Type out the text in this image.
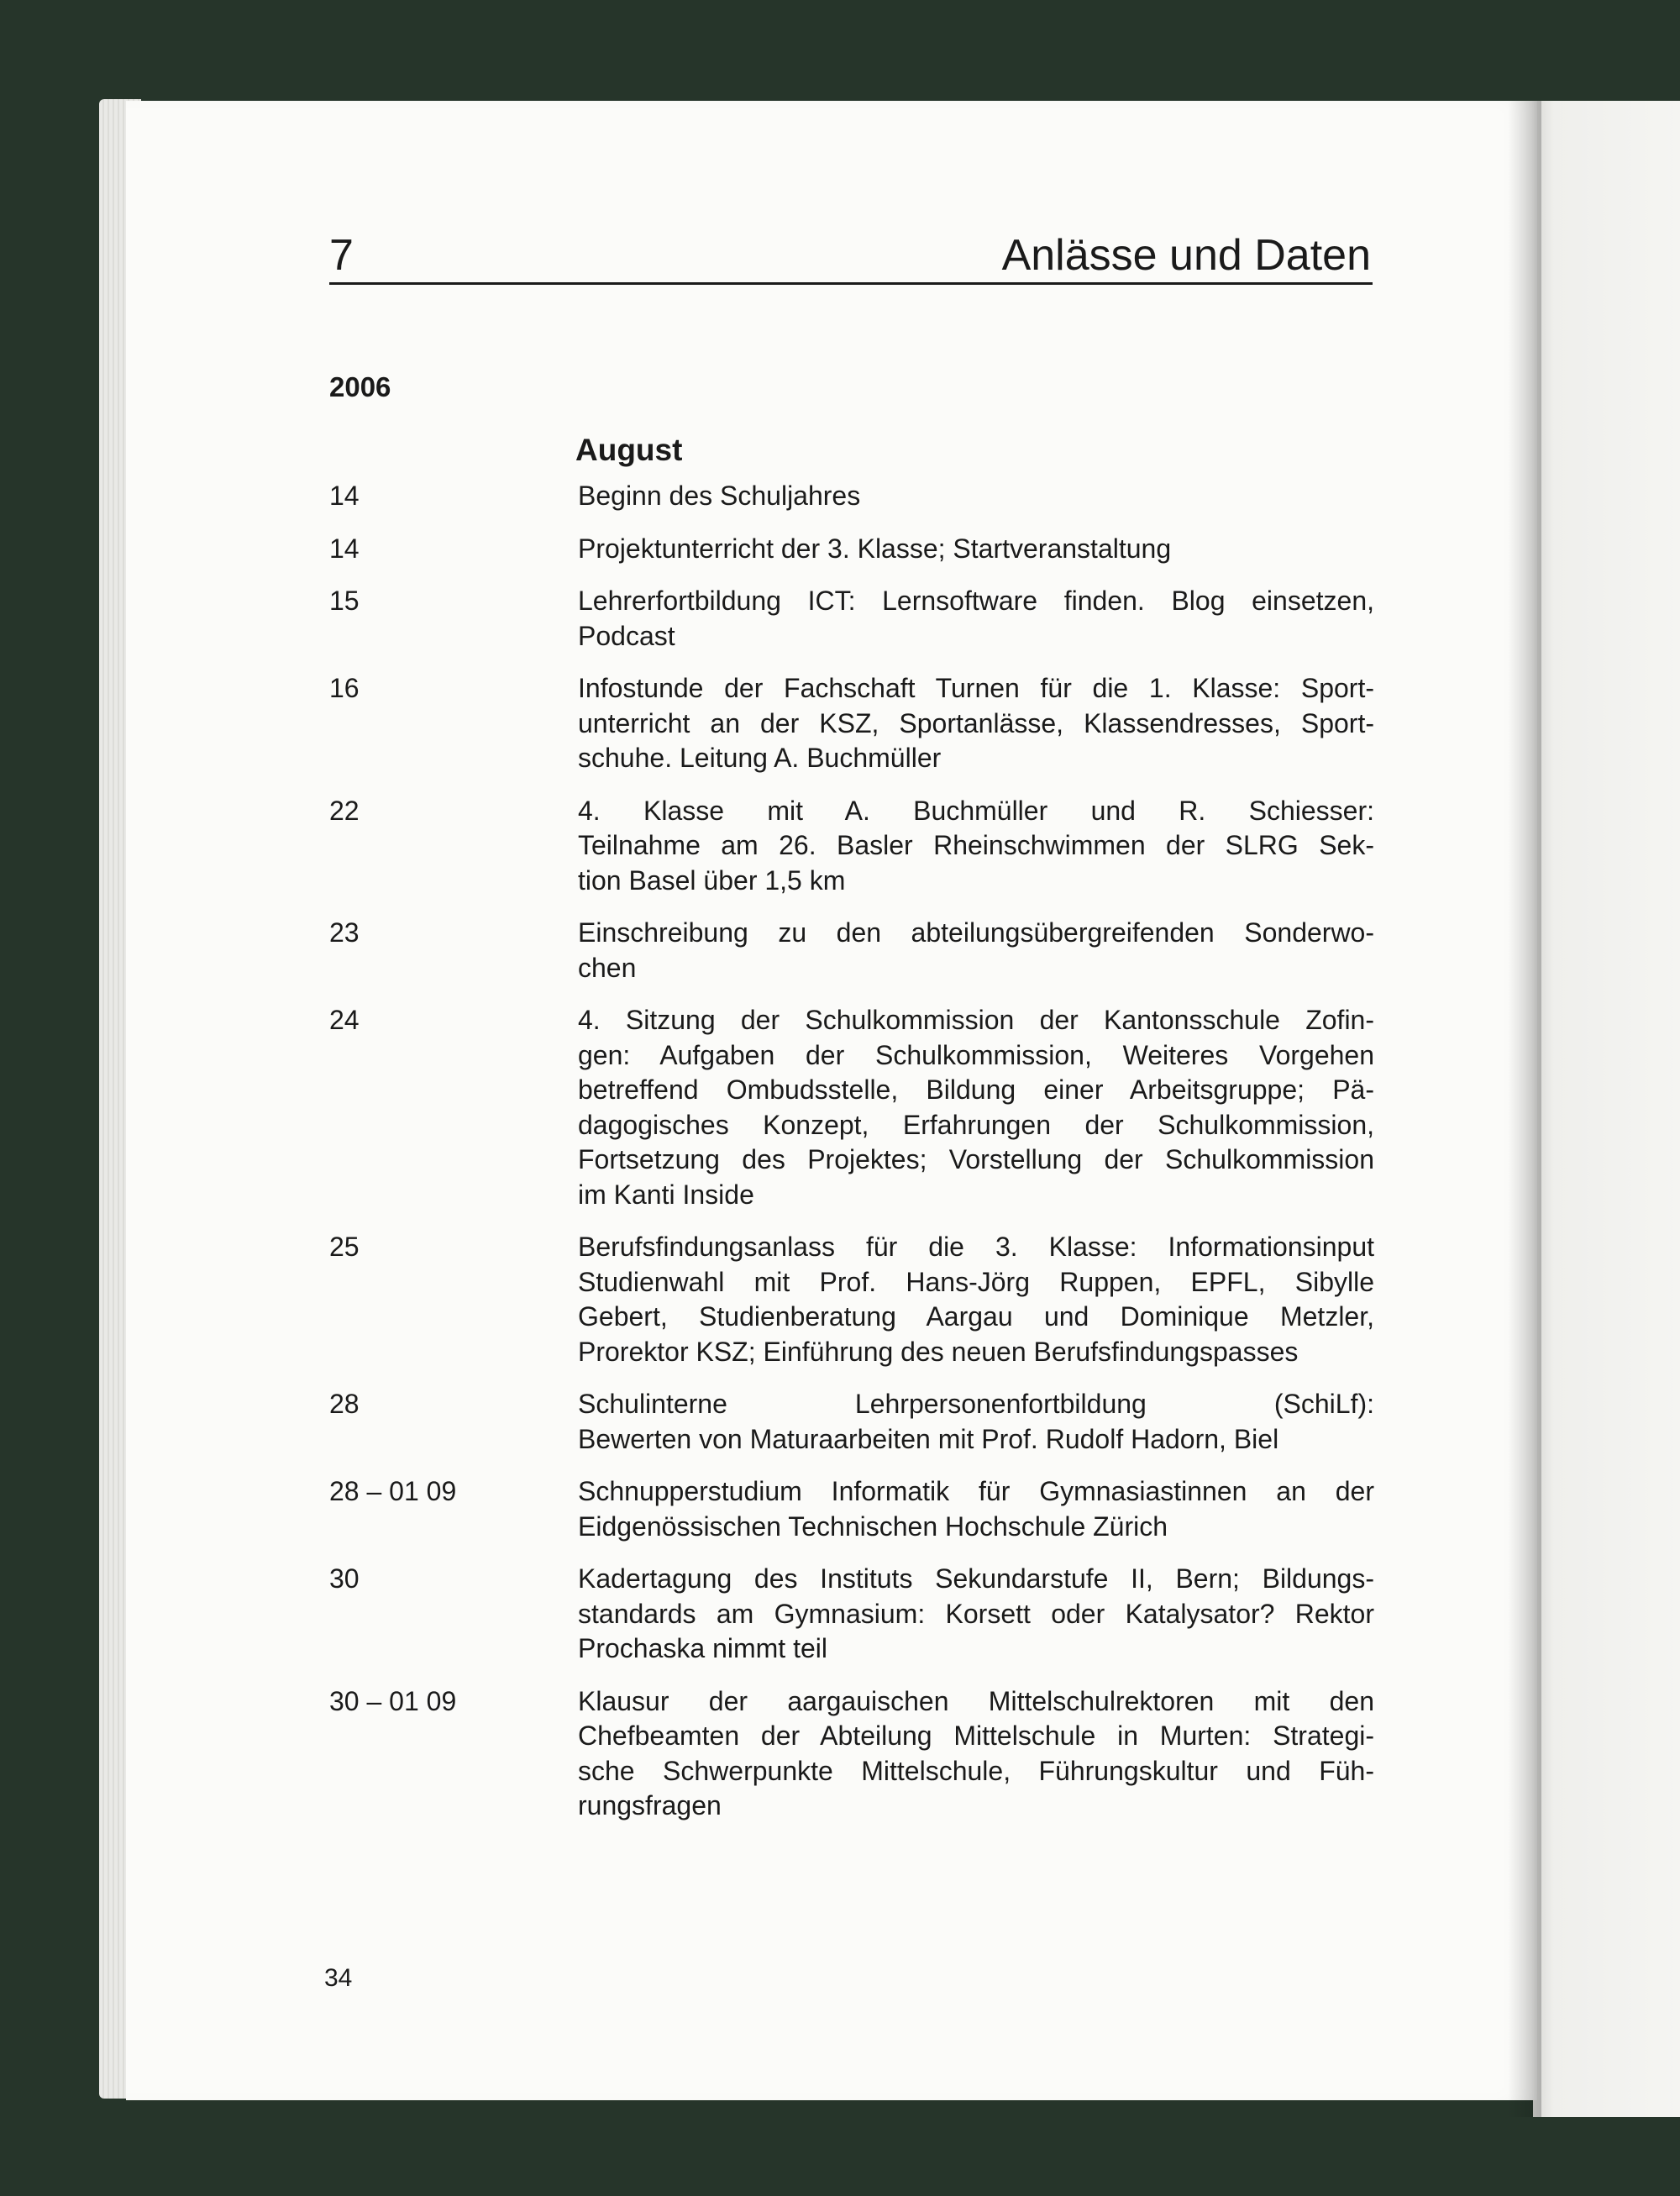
7	Anlässe und Daten
2006
August
14	Beginn des Schuljahres
14	Projektunterricht der 3. Klasse; Startveranstaltung
15	Lehrerfortbildung ICT: Lernsoftware finden. Blog einsetzen,
Podcast
16	Infostunde der Fachschaft Turnen für die 1. Klasse: Sport-
unterricht an der KSZ, Sportanlässe, Klassendresses, Sport-
schuhe. Leitung A. Buchmüller
22	4. Klasse mit A. Buchmüller und R. Schiesser:
Teilnahme am 26. Basler Rheinschwimmen der SLRG Sek-
tion Basel über 1,5 km
23	Einschreibung zu den abteilungsübergreifenden Sonderwo-
chen
24	4. Sitzung der Schulkommission der Kantonsschule Zofin-
gen: Aufgaben der Schulkommission, Weiteres Vorgehen
betreffend Ombudsstelle, Bildung einer Arbeitsgruppe; Pä-
dagogisches Konzept, Erfahrungen der Schulkommission,
Fortsetzung des Projektes; Vorstellung der Schulkommission
im Kanti Inside
25	Berufsfindungsanlass für die 3. Klasse: Informationsinput
Studienwahl mit Prof. Hans-Jörg Ruppen, EPFL, Sibylle
Gebert, Studienberatung Aargau und Dominique Metzler,
Prorektor KSZ; Einführung des neuen Berufsfindungspasses
28	Schulinterne Lehrpersonenfortbildung (SchiLf):
Bewerten von Maturaarbeiten mit Prof. Rudolf Hadorn, Biel
28 – 01 09	Schnupperstudium Informatik für Gymnasiastinnen an der
Eidgenössischen Technischen Hochschule Zürich
30	Kadertagung des Instituts Sekundarstufe II, Bern; Bildungs-
standards am Gymnasium: Korsett oder Katalysator? Rektor
Prochaska nimmt teil
30 – 01 09	Klausur der aargauischen Mittelschulrektoren mit den
Chefbeamten der Abteilung Mittelschule in Murten: Strategi-
sche Schwerpunkte Mittelschule, Führungskultur und Füh-
rungsfragen
34
